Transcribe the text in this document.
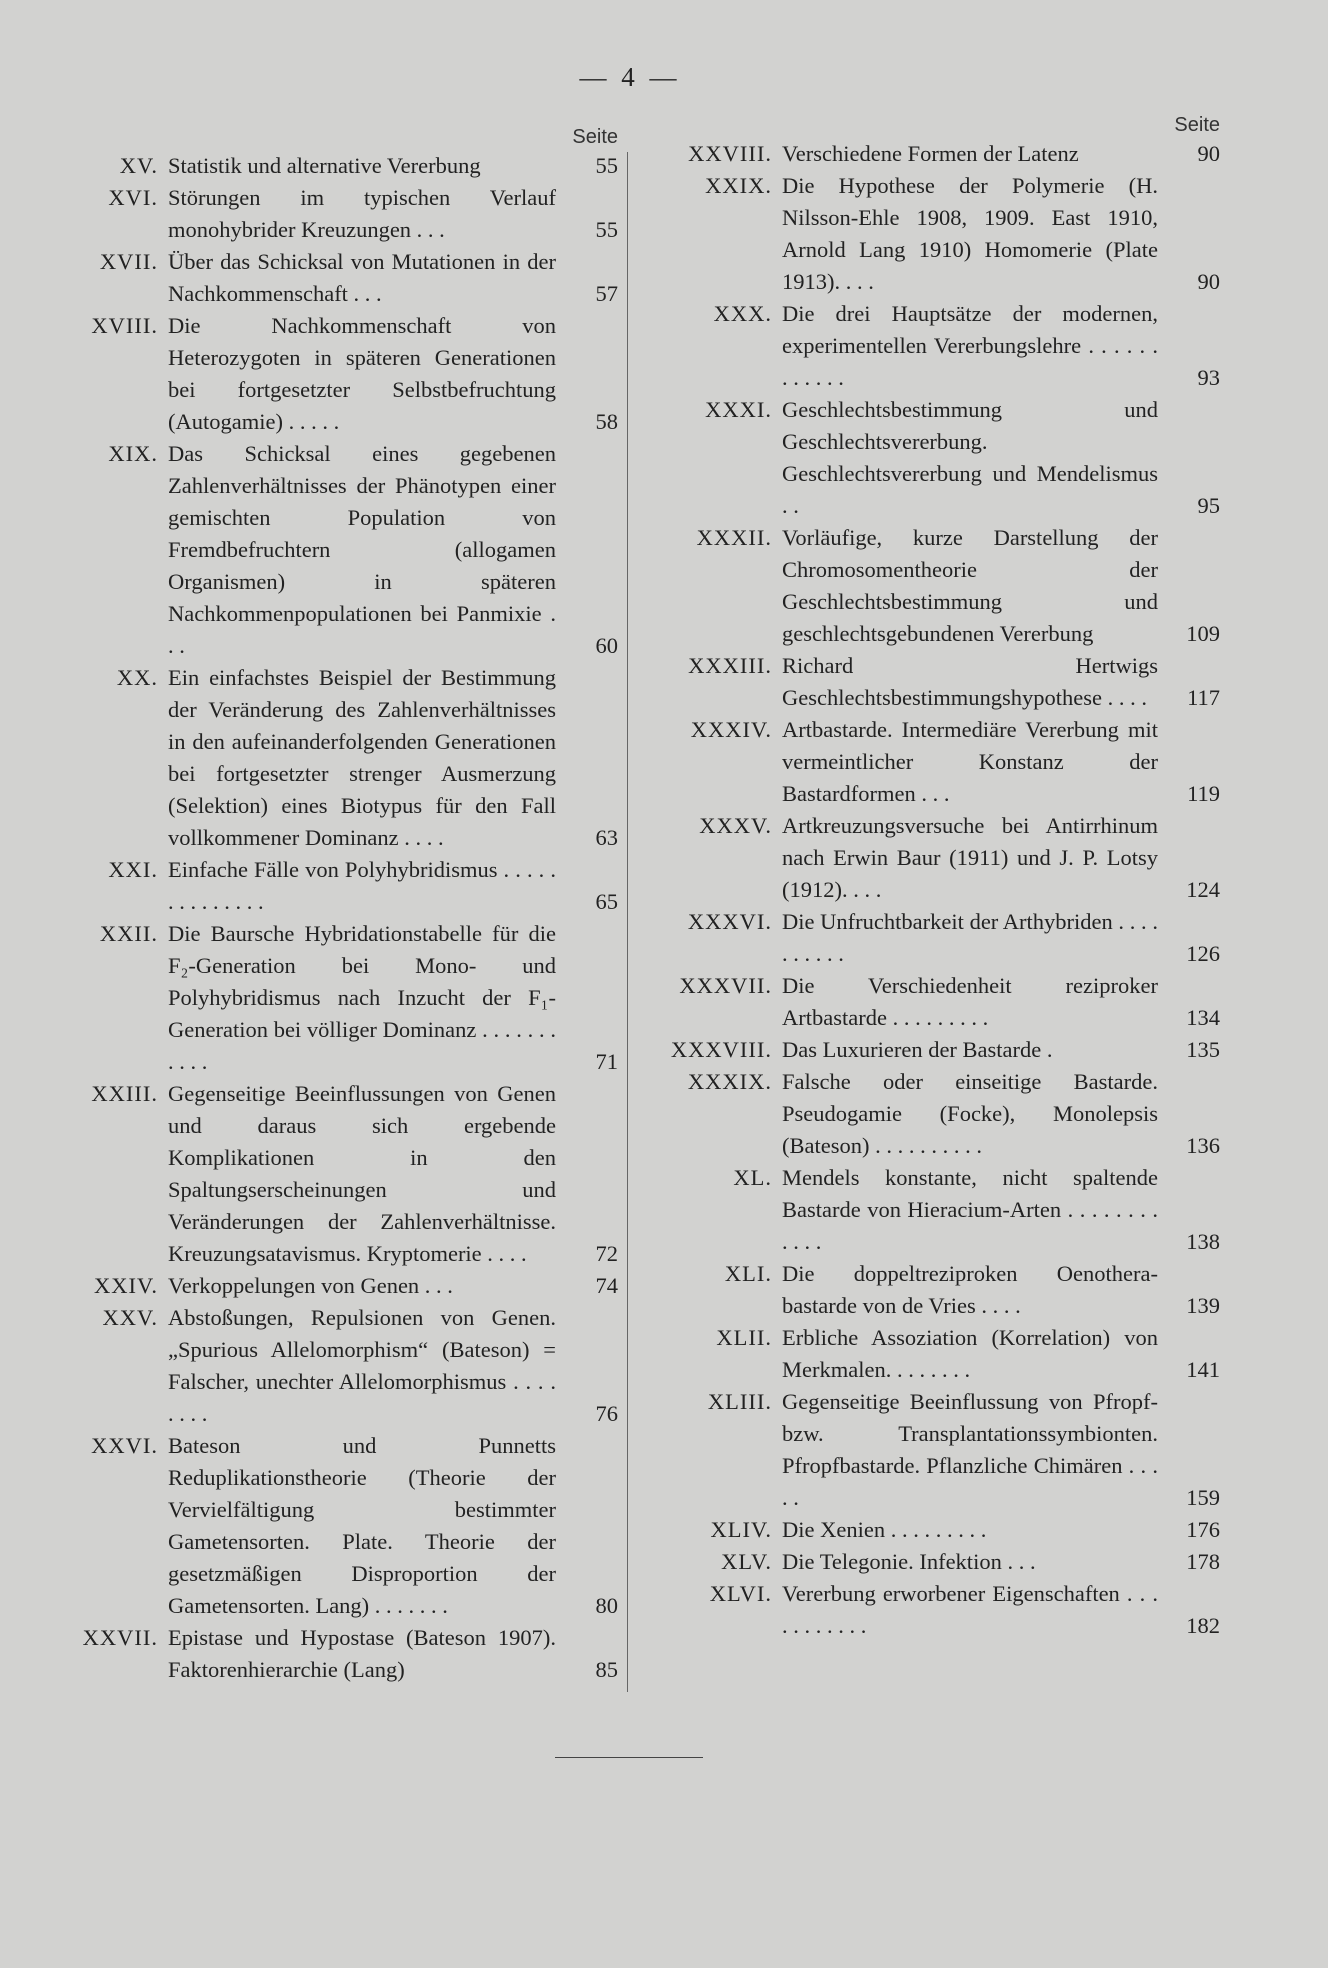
— 4 —
Seite
XV. Statistik und alternative Vererbung	55
XVI. Störungen im typischen Verlauf monohybrider Kreuzungen . . .	55
XVII. Über das Schicksal von Mutationen in der Nachkommenschaft . . .	57
XVIII. Die Nachkommenschaft von Heterozygoten in späteren Generationen bei fortgesetzter Selbstbefruchtung (Autogamie) . . . . .	58
XIX. Das Schicksal eines gegebenen Zahlenverhältnisses der Phänotypen einer gemischten Population von Fremdbefruchtern (allogamen Organismen) in späteren Nachkommenpopulationen bei Panmixie . . .	60
XX. Ein einfachstes Beispiel der Bestimmung der Veränderung des Zahlenverhältnisses in den aufeinanderfolgenden Generationen bei fortgesetzter strenger Ausmerzung (Selektion) eines Biotypus für den Fall vollkommener Dominanz . . . .	63
XXI. Einfache Fälle von Polyhybridismus . . . . . . . . . . . . . .	65
XXII. Die Baursche Hybridationstabelle für die F₂-Generation bei Mono- und Polyhybridismus nach Inzucht der F₁-Generation bei völliger Dominanz . . . . . . . . . . .	71
XXIII. Gegenseitige Beeinflussungen von Genen und daraus sich ergebende Komplikationen in den Spaltungserscheinungen und Veränderungen der Zahlenverhältnisse. Kreuzungsatavismus. Kryptomerie . . . .	72
XXIV. Verkoppelungen von Genen . . .	74
XXV. Abstoßungen, Repulsionen von Genen. „Spurious Allelomorphism“ (Bateson) = Falscher, unechter Allelomorphismus . . . . . . . .	76
XXVI. Bateson und Punnetts Reduplikationstheorie (Theorie der Vervielfältigung bestimmter Gametensorten. Plate. Theorie der gesetzmäßigen Disproportion der Gametensorten. Lang) . . . . . . .	80
XXVII. Epistase und Hypostase (Bateson 1907). Faktorenhierarchie (Lang)	85
Seite
XXVIII. Verschiedene Formen der Latenz	90
XXIX. Die Hypothese der Polymerie (H. Nilsson-Ehle 1908, 1909. East 1910, Arnold Lang 1910) Homomerie (Plate 1913). . . .	90
XXX. Die drei Hauptsätze der modernen, experimentellen Vererbungslehre . . . . . . . . . . . .	93
XXXI. Geschlechtsbestimmung und Geschlechtsvererbung. Geschlechtsvererbung und Mendelismus . .	95
XXXII. Vorläufige, kurze Darstellung der Chromosomentheorie der Geschlechtsbestimmung und geschlechtsgebundenen Vererbung	109
XXXIII. Richard Hertwigs Geschlechtsbestimmungshypothese . . . .	117
XXXIV. Artbastarde. Intermediäre Vererbung mit vermeintlicher Konstanz der Bastardformen . . .	119
XXXV. Artkreuzungsversuche bei Antirrhinum nach Erwin Baur (1911) und J. P. Lotsy (1912). . . .	124
XXXVI. Die Unfruchtbarkeit der Arthybriden . . . . . . . . . .	126
XXXVII. Die Verschiedenheit reziproker Artbastarde . . . . . . . . .	134
XXXVIII. Das Luxurieren der Bastarde .	135
XXXIX. Falsche oder einseitige Bastarde. Pseudogamie (Focke), Monolepsis (Bateson) . . . . . . . . . .	136
XL. Mendels konstante, nicht spaltende Bastarde von Hieracium-Arten . . . . . . . . . . . .	138
XLI. Die doppeltreziproken Oenothera-bastarde von de Vries . . . .	139
XLII. Erbliche Assoziation (Korrelation) von Merkmalen. . . . . . . .	141
XLIII. Gegenseitige Beeinflussung von Pfropf- bzw. Transplantationssymbionten. Pfropfbastarde. Pflanzliche Chimären . . . . .	159
XLIV. Die Xenien . . . . . . . . .	176
XLV. Die Telegonie. Infektion . . .	178
XLVI. Vererbung erworbener Eigenschaften . . . . . . . . . . .	182
